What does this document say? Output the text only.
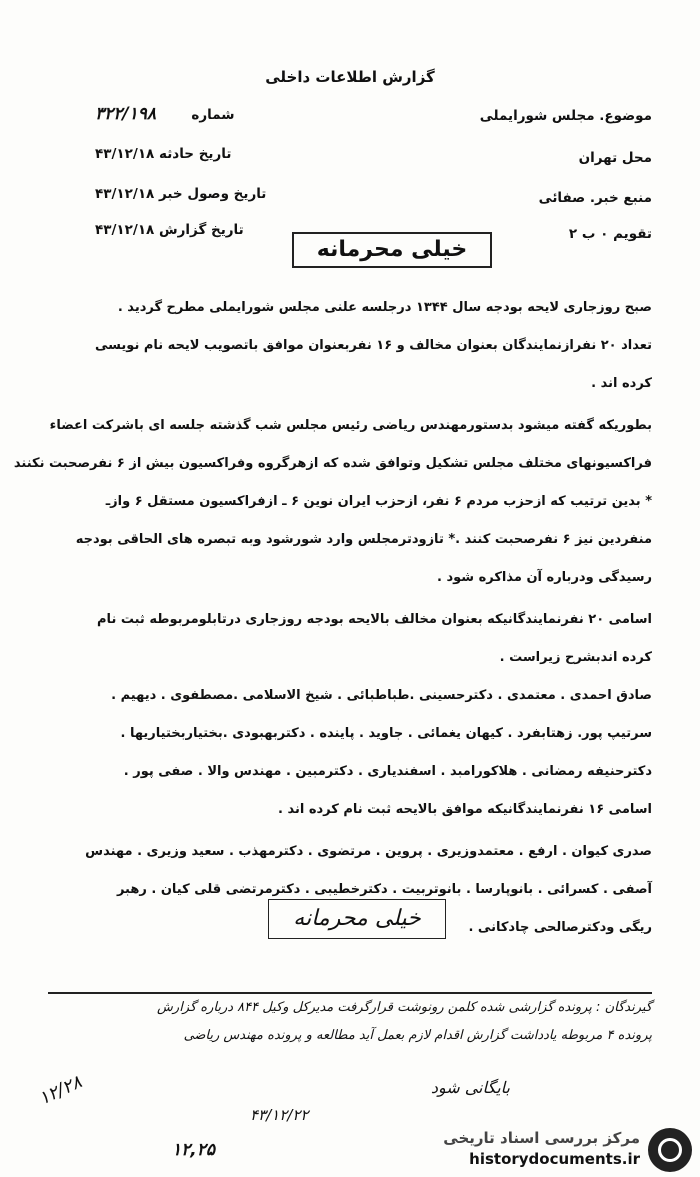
گزارش اطلاعات داخلی
موضوع. مجلس شورایملی
محل تهران
منبع خبر. صفائی
تقویم ۰ ب ۲
شماره  ۳۲۲/۱۹۸
تاریخ حادثه ۴۳/۱۲/۱۸
تاریخ وصول خبر ۴۳/۱۲/۱۸
تاریخ گزارش ۴۳/۱۲/۱۸
خیلی محرمانه
صبح روزجاری لایحه بودجه سال ۱۳۴۴ درجلسه علنی مجلس شورایملی مطرح گردید .
تعداد ۲۰ نفرازنمایندگان بعنوان مخالف و ۱۶ نفربعنوان موافق باتصویب لایحه نام نویسی
کرده اند .
بطوریکه گفته میشود بدستورمهندس ریاضی رئیس مجلس شب گذشته جلسه ای باشرکت اعضاء
فراکسیونهای مختلف مجلس تشکیل وتوافق شده که ازهرگروه وفراکسیون بیش از ۶ نفرصحبت نکنند
* بدین ترتیب که ازحزب مردم ۶ نفر، ازحزب ایران نوین ۶ ـ ازفراکسیون مستقل ۶ وازـ
منفردین نیز ۶ نفرصحبت کنند .* تازودترمجلس وارد شورشود وبه تبصره های الحاقی بودجه
رسیدگی ودرباره آن مذاکره شود .
اسامی ۲۰ نفرنمایندگانیکه بعنوان مخالف بالایحه بودجه روزجاری درتابلومربوطه ثبت نام
کرده اندبشرح زیراست .
صادق احمدی . معتمدی . دکترحسینی .طباطبائی . شیخ الاسلامی .مصطفوی . دیهیم .
سرتیپ پور. زهتابفرد . کیهان یغمائی . جاوید . پاینده . دکتربهبودی .بختیاربختیاریها .
دکترحنیفه رمضانی . هلاکورامبد . اسفندیاری . دکترمبین . مهندس والا . صفی پور .
اسامی ۱۶ نفرنمایندگانیکه موافق بالایحه ثبت نام کرده اند .
صدری کیوان . ارفع . معتمدوزیری . پروین . مرتضوی . دکترمهذب . سعید وزیری . مهندس
آصفی . کسرائی . بانوپارسا . بانوتربیت . دکترخطیبی . دکترمرتضی قلی کیان . رهبر
ریگی ودکترصالحی چادکانی .
خیلی محرمانه
گیرندگان : پرونده گزارشی شده کلمن رونوشت قرارگرفت مدیرکل وکیل ۸۴۴ درباره گزارش
پرونده ۴ مربوطه یادداشت گزارش اقدام لازم بعمل آید مطالعه و پرونده مهندس ریاضی
بایگانی شود
۴۳/۱۲/۲۲
۱۲/۲۸
۱۲,۲۵
مرکز بررسی اسناد تاریخی
historydocuments.ir
